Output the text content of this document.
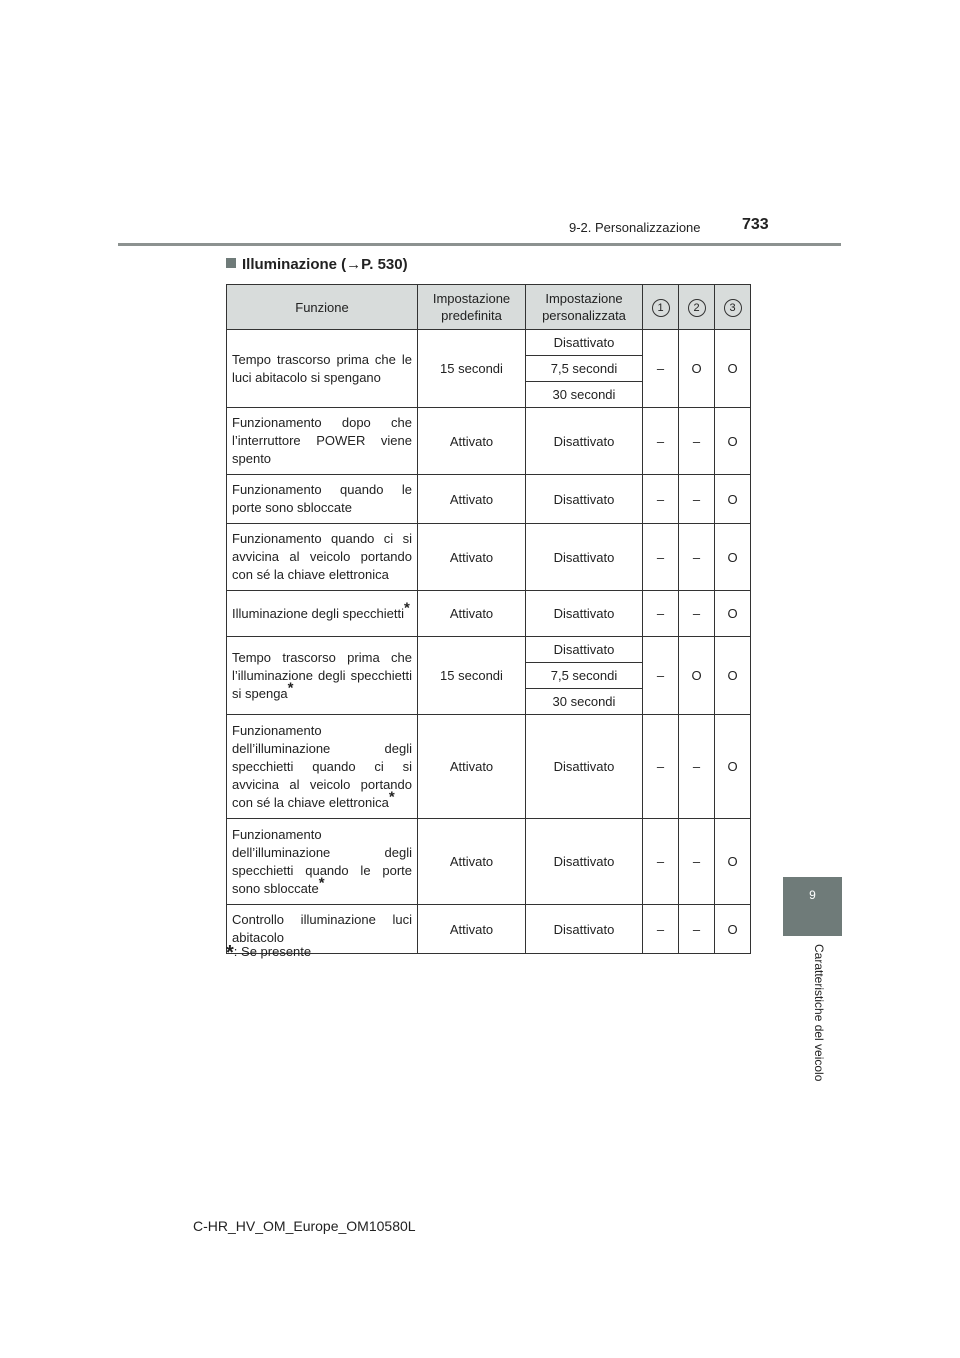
9-2. Personalizzazione	733
9
Caratteristiche del veicolo
Illuminazione (→P. 530)
Funzione	Impostazione predefinita	Impostazione personalizzata	1	2	3
Tempo trascorso prima che le luci abitacolo si spengano	15 secondi	Disattivato	–	O	O
		7,5 secondi			
		30 secondi			
Funzionamento dopo che l’interruttore POWER viene spento	Attivato	Disattivato	–	–	O
Funzionamento quando le porte sono sbloccate	Attivato	Disattivato	–	–	O
Funzionamento quando ci si avvicina al veicolo portando con sé la chiave elettronica	Attivato	Disattivato	–	–	O
Illuminazione degli specchietti*	Attivato	Disattivato	–	–	O
Tempo trascorso prima che l’illuminazione degli specchietti si spenga*	15 secondi	Disattivato	–	O	O
		7,5 secondi			
		30 secondi			
Funzionamento dell’illuminazione degli specchietti quando ci si avvicina al veicolo portando con sé la chiave elettronica*	Attivato	Disattivato	–	–	O
Funzionamento dell’illuminazione degli specchietti quando le porte sono sbloccate*	Attivato	Disattivato	–	–	O
Controllo illuminazione luci abitacolo	Attivato	Disattivato	–	–	O
*: Se presente
C-HR_HV_OM_Europe_OM10580L
